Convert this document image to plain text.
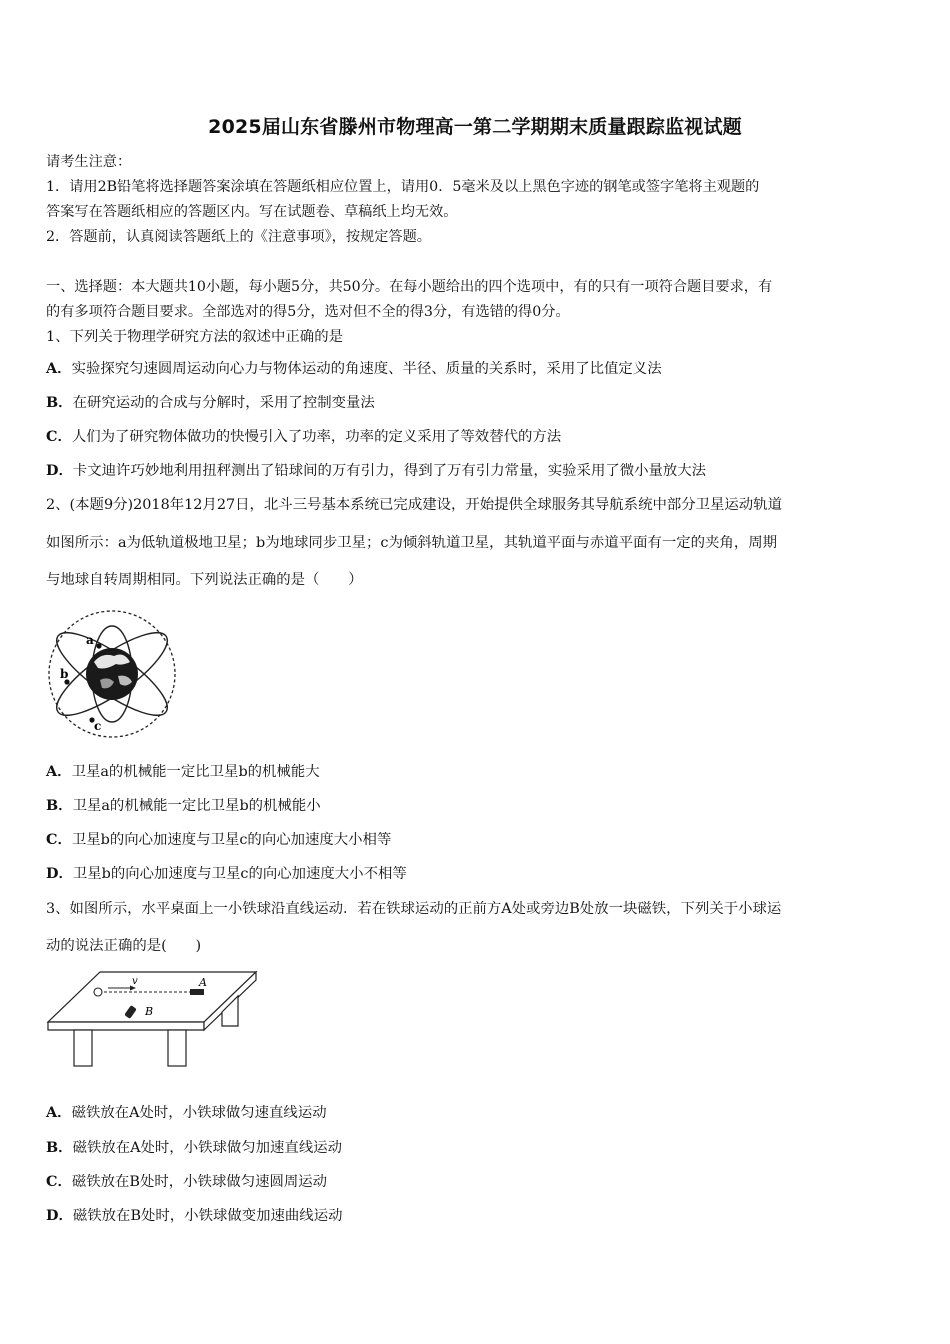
2025届山东省滕州市物理高一第二学期期末质量跟踪监视试题
请考生注意：
1．请用2B铅笔将选择题答案涂填在答题纸相应位置上，请用0．5毫米及以上黑色字迹的钢笔或签字笔将主观题的
答案写在答题纸相应的答题区内。写在试题卷、草稿纸上均无效。
2．答题前，认真阅读答题纸上的《注意事项》，按规定答题。
一、选择题：本大题共10小题，每小题5分，共50分。在每小题给出的四个选项中，有的只有一项符合题目要求，有
的有多项符合题目要求。全部选对的得5分，选对但不全的得3分，有选错的得0分。
1、下列关于物理学研究方法的叙述中正确的是
A．实验探究匀速圆周运动向心力与物体运动的角速度、半径、质量的关系时，采用了比值定义法
B．在研究运动的合成与分解时，采用了控制变量法
C．人们为了研究物体做功的快慢引入了功率，功率的定义采用了等效替代的方法
D．卡文迪许巧妙地利用扭秤测出了铅球间的万有引力，得到了万有引力常量，实验采用了微小量放大法
2、(本题9分)2018年12月27日，北斗三号基本系统已完成建设，开始提供全球服务其导航系统中部分卫星运动轨道
如图所示：a为低轨道极地卫星；b为地球同步卫星；c为倾斜轨道卫星，其轨道平面与赤道平面有一定的夹角，周期
与地球自转周期相同。下列说法正确的是（　　）
a
b
c
A．卫星a的机械能一定比卫星b的机械能大
B．卫星a的机械能一定比卫星b的机械能小
C．卫星b的向心加速度与卫星c的向心加速度大小相等
D．卫星b的向心加速度与卫星c的向心加速度大小不相等
3、如图所示，水平桌面上一小铁球沿直线运动．若在铁球运动的正前方A处或旁边B处放一块磁铁，下列关于小球运
动的说法正确的是(　　)
v	A
B
A．磁铁放在A处时，小铁球做匀速直线运动
B．磁铁放在A处时，小铁球做匀加速直线运动
C．磁铁放在B处时，小铁球做匀速圆周运动
D．磁铁放在B处时，小铁球做变加速曲线运动
